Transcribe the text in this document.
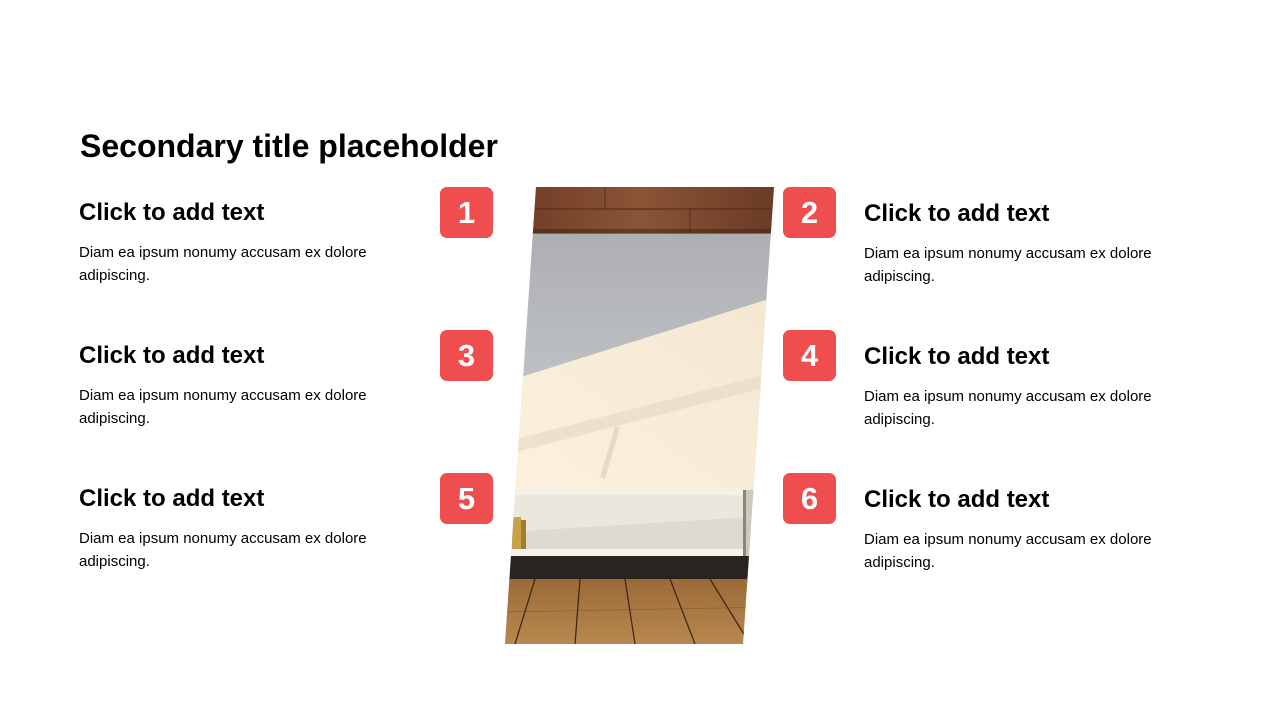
Secondary title placeholder
Click to add text
Diam ea ipsum nonumy accusam ex dolore adipiscing.
Click to add text
Diam ea ipsum nonumy accusam ex dolore adipiscing.
Click to add text
Diam ea ipsum nonumy accusam ex dolore adipiscing.
Click to add text
Diam ea ipsum nonumy accusam ex dolore adipiscing.
Click to add text
Diam ea ipsum nonumy accusam ex dolore adipiscing.
Click to add text
Diam ea ipsum nonumy accusam ex dolore adipiscing.
1	2
3	4
5	6
